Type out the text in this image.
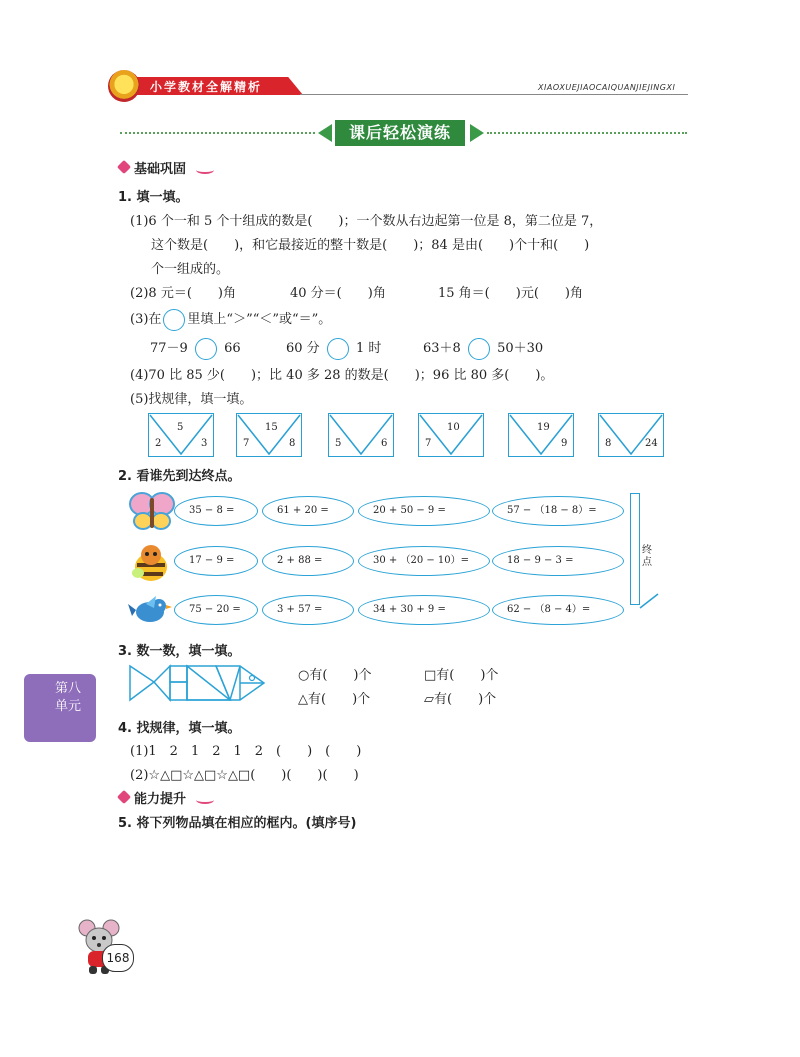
小学教材全解精析	XIAOXUEJIAOCAIQUANJIEJINGXI
课后轻松演练
基础巩固
1. 填一填。
(1)6 个一和 5 个十组成的数是(　　)；一个数从右边起第一位是 8，第二位是 7，
这个数是(　　)，和它最接近的整十数是(　　)；84 是由(　　)个十和(　　)
个一组成的。
(2)8 元＝(　　)角	40 分＝(　　)角	15 角＝(　　)元(　　)角
(3)在 里填上“＞”“＜”或“＝”。
77－9	66	60 分	1 时	63＋8	50＋30
(4)70 比 85 少(　　)；比 40 多 28 的数是(　　)；96 比 80 多(　　)。
(5)找规律，填一填。
5
2	3
15
7	8	5	6
10
7
19
9	8	24
2. 看谁先到达终点。
35 − 8 =	61 + 20 =	20 + 50 − 9 =	57 − （18 − 8）=
17 − 9 =	2 + 88 =	30 + （20 − 10）=	18 − 9 − 3 =
75 − 20 =	3 + 57 =	34 + 30 + 9 =	62 − （8 − 4）=
终点
3. 数一数，填一填。
○有(　　)个	□有(　　)个
△有(　　)个	▱有(　　)个
4. 找规律，填一填。
(1)1　2　1　2　1　2　(　　)　(　　)
(2)☆△□☆△□☆△□(　　)(　　)(　　)
能力提升
5. 将下列物品填在相应的框内。(填序号)
第八
单元
168
